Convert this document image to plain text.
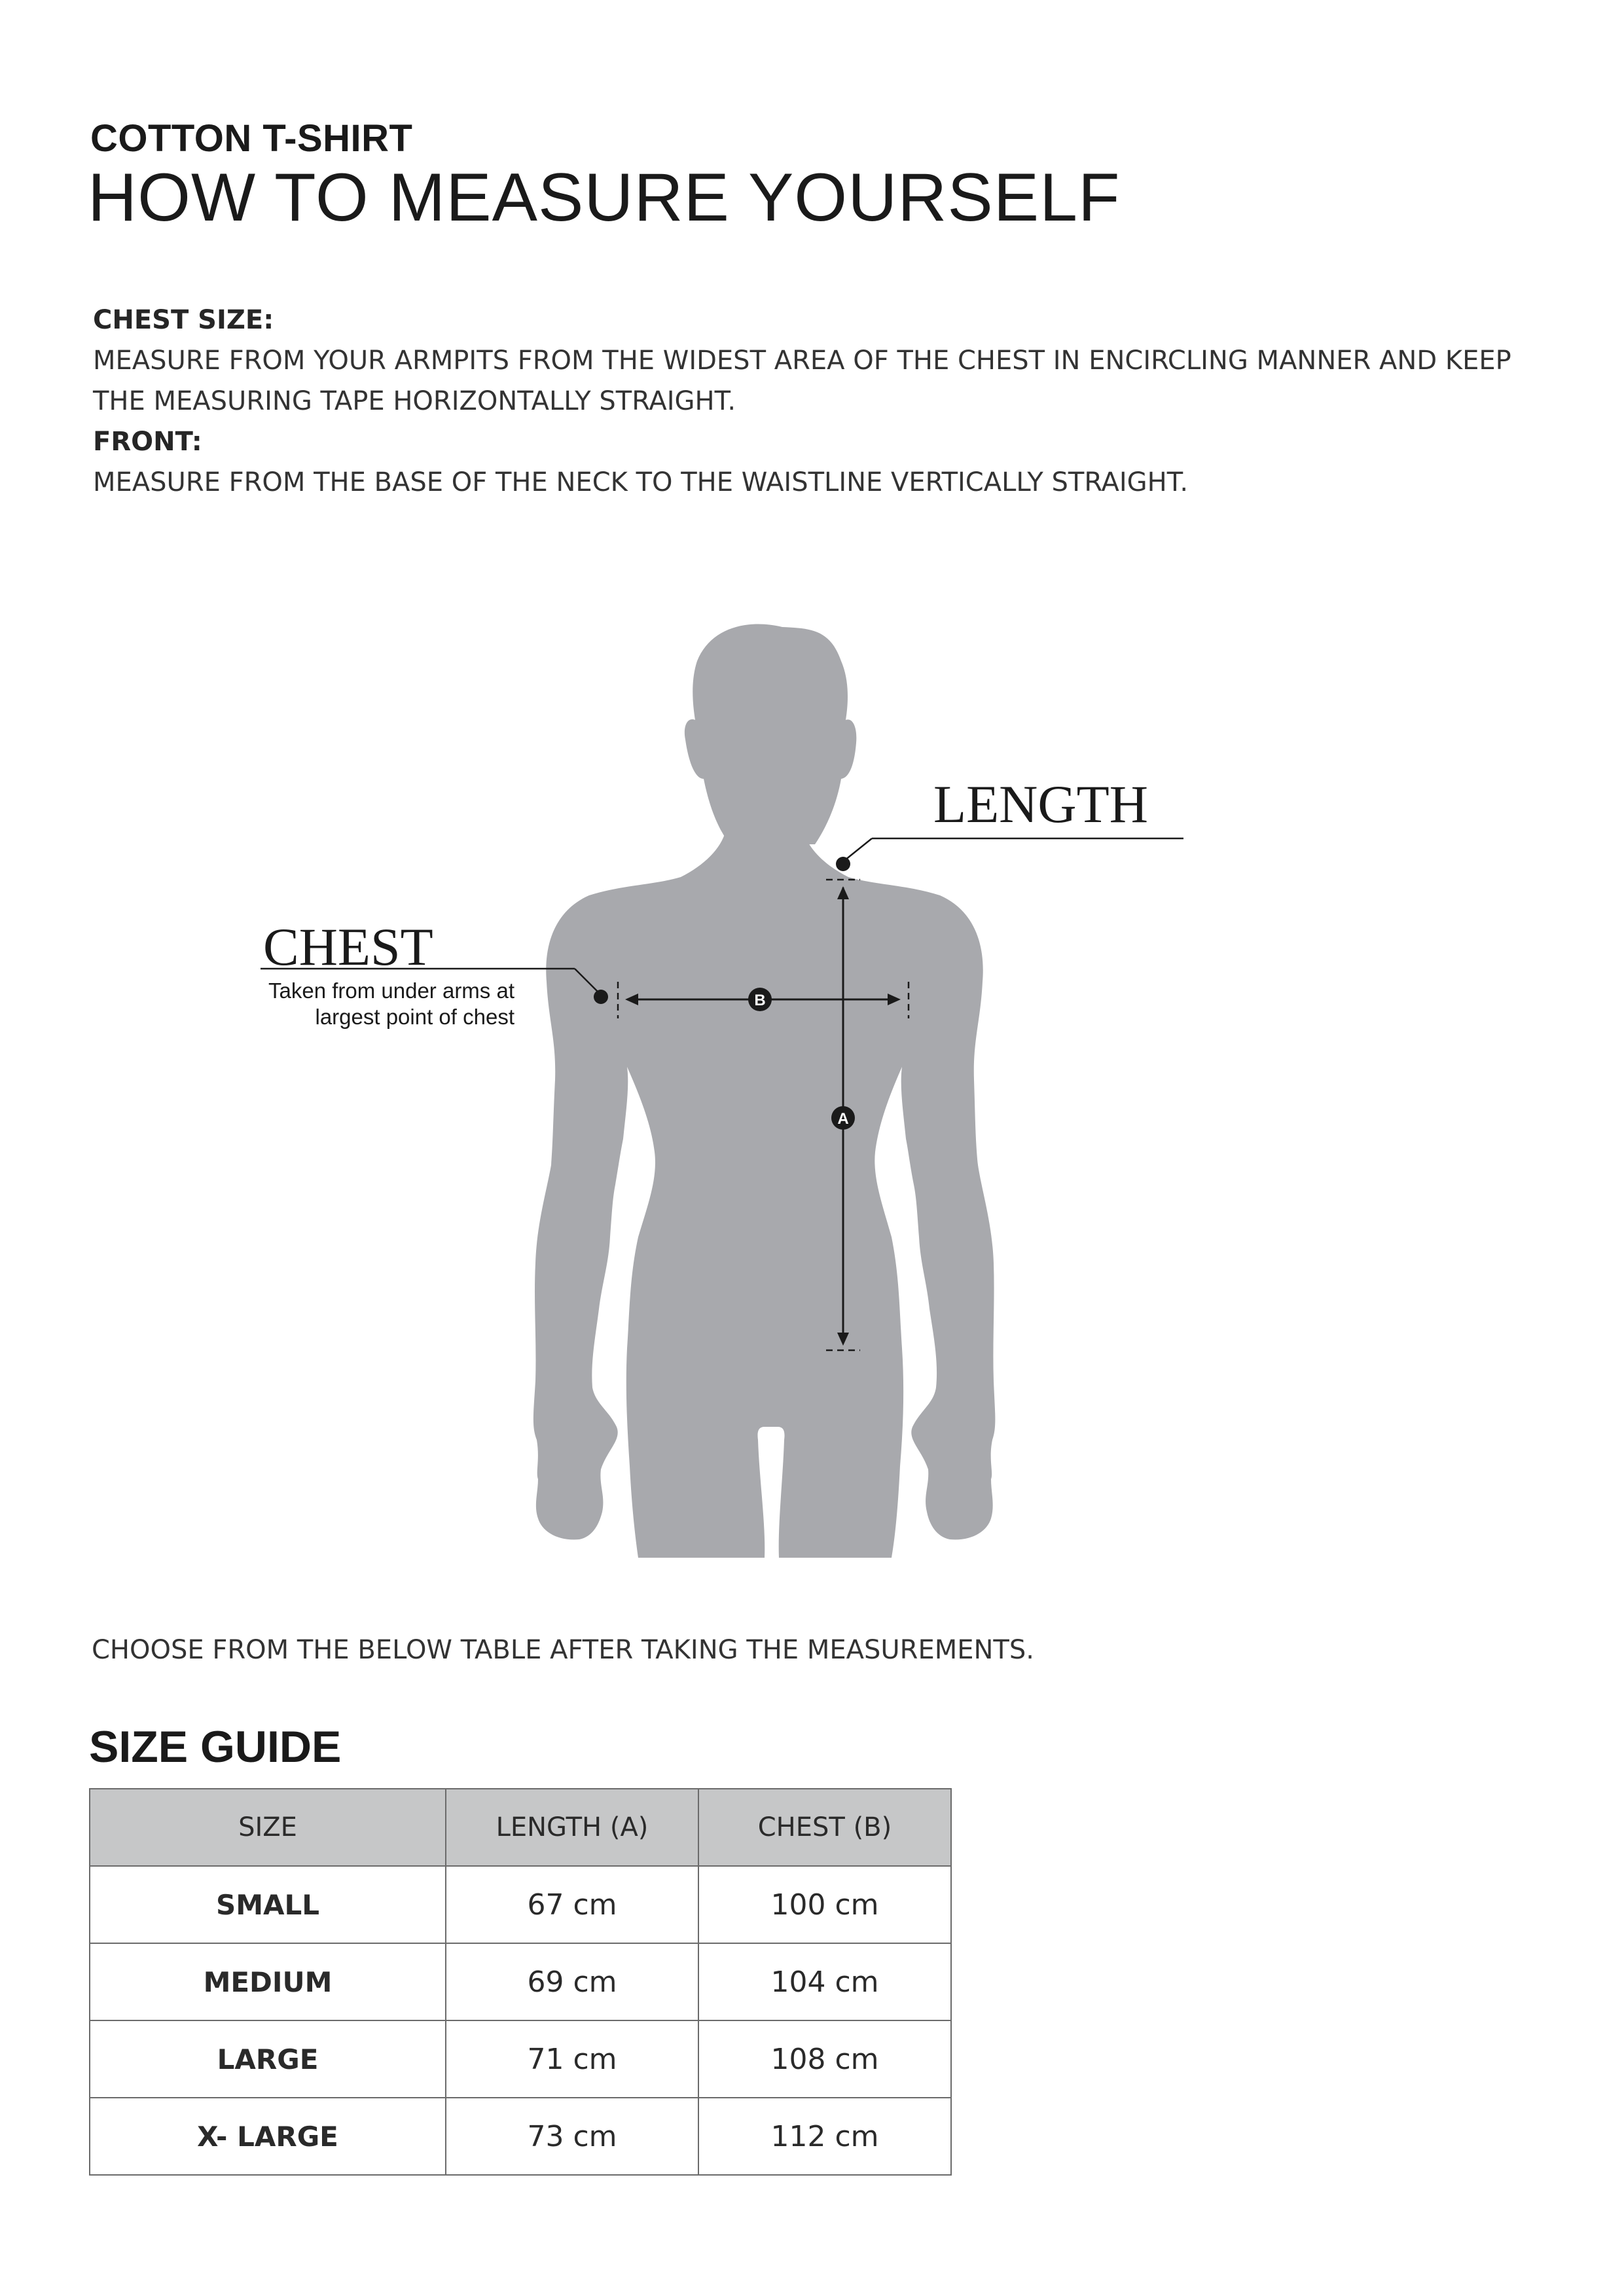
COTTON T-SHIRT
HOW TO MEASURE YOURSELF
CHEST SIZE:
MEASURE FROM YOUR ARMPITS FROM THE WIDEST AREA OF THE CHEST IN ENCIRCLING MANNER AND KEEP
THE MEASURING TAPE HORIZONTALLY STRAIGHT.
FRONT:
MEASURE FROM THE BASE OF THE NECK TO THE WAISTLINE VERTICALLY STRAIGHT.
B
A
LENGTH
CHEST
Taken from under arms at
largest point of chest
CHOOSE FROM THE BELOW TABLE AFTER TAKING THE MEASUREMENTS.
SIZE GUIDE
SIZE	LENGTH (A)	CHEST (B)
SMALL	67 cm	100 cm
MEDIUM	69 cm	104 cm
LARGE	71 cm	108 cm
X- LARGE	73 cm	112 cm
